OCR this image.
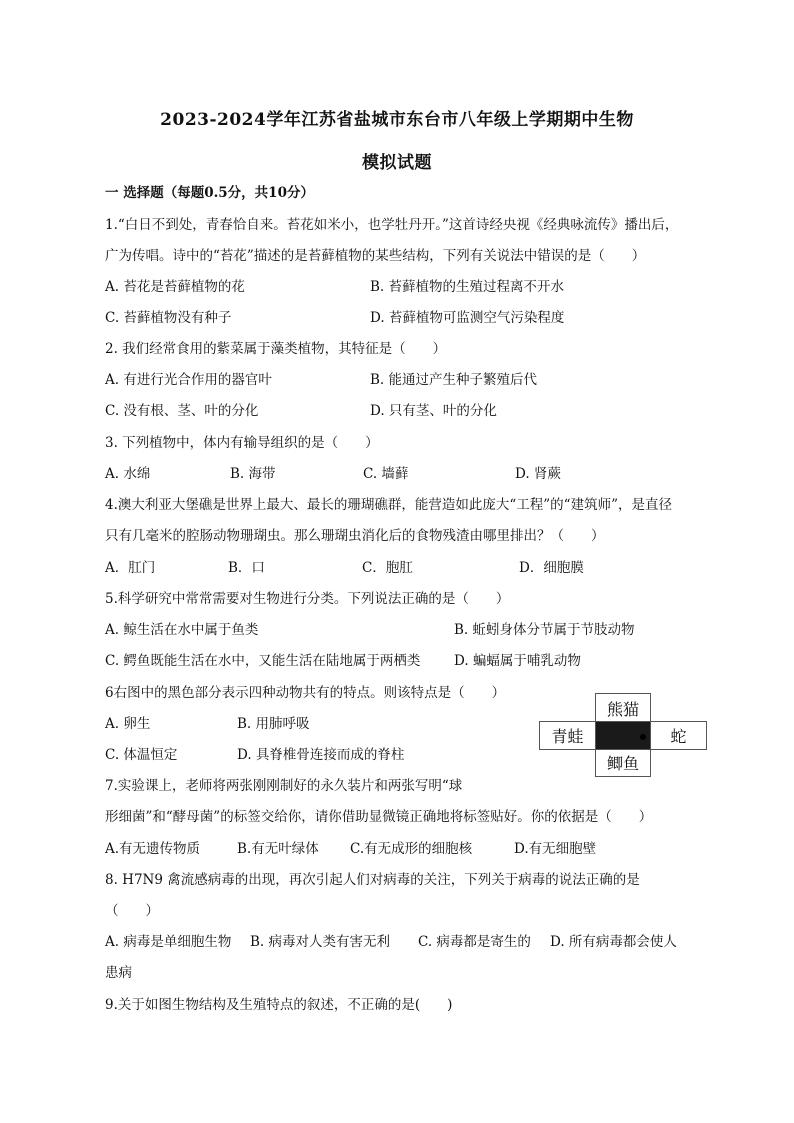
2023-2024学年江苏省盐城市东台市八年级上学期期中生物
模拟试题
一 选择题（每题0.5分，共10分）
1.“白日不到处，青春恰自来。苔花如米小，也学牡丹开。”这首诗经央视《经典咏流传》播出后，
广为传唱。诗中的“苔花”描述的是苔藓植物的某些结构，下列有关说法中错误的是（　　）
A. 苔花是苔藓植物的花	B. 苔藓植物的生殖过程离不开水
C. 苔藓植物没有种子	D. 苔藓植物可监测空气污染程度
2. 我们经常食用的紫菜属于藻类植物，其特征是（　　）
A. 有进行光合作用的器官叶	B. 能通过产生种子繁殖后代
C. 没有根、茎、叶的分化	D. 只有茎、叶的分化
3. 下列植物中，体内有输导组织的是（　　）
A. 水绵	B. 海带	C. 墙藓	D. 肾蕨
4.澳大利亚大堡礁是世界上最大、最长的珊瑚礁群，能营造如此庞大“工程”的“建筑师”，是直径
只有几毫米的腔肠动物珊瑚虫。那么珊瑚虫消化后的食物残渣由哪里排出？（　　）
A．肛门	B．口	C．胞肛	D．细胞膜
5.科学研究中常常需要对生物进行分类。下列说法正确的是（　　）
A. 鲸生活在水中属于鱼类	B. 蚯蚓身体分节属于节肢动物
C. 鳄鱼既能生活在水中，又能生活在陆地属于两栖类 D. 蝙蝠属于哺乳动物
6右图中的黑色部分表示四种动物共有的特点。则该特点是（　　）
A. 卵生	B. 用肺呼吸
C. 体温恒定	D. 具脊椎骨连接而成的脊柱
熊猫
青蛙	蛇
鲫鱼
7.实验课上，老师将两张刚刚制好的永久装片和两张写明“球
形细菌”和“酵母菌”的标签交给你，请你借助显微镜正确地将标签贴好。你的依据是（　　）
A.有无遗传物质	B.有无叶绿体 C.有无成形的细胞核	D.有无细胞壁
8. H7N9 禽流感病毒的出现，再次引起人们对病毒的关注，下列关于病毒的说法正确的是
（　　）
A. 病毒是单细胞生物 B. 病毒对人类有害无利 C. 病毒都是寄生的 D. 所有病毒都会使人
患病
9.关于如图生物结构及生殖特点的叙述，不正确的是(　　)
